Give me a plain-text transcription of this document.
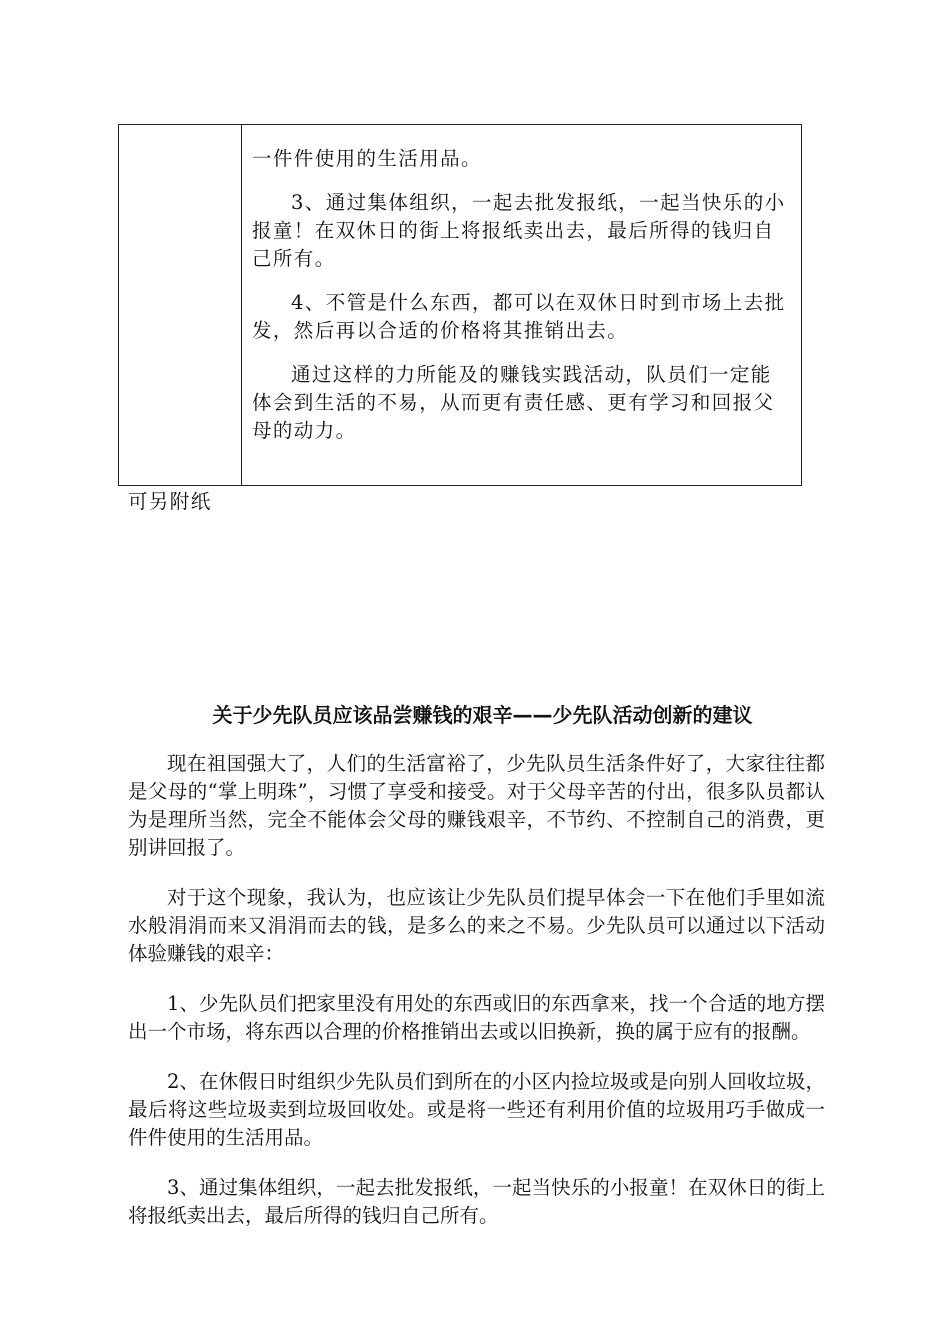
一件件使用的生活用品。

3、通过集体组织，一起去批发报纸，一起当快乐的小报童！在双休日的街上将报纸卖出去，最后所得的钱归自己所有。

4、不管是什么东西，都可以在双休日时到市场上去批发，然后再以合适的价格将其推销出去。

通过这样的力所能及的赚钱实践活动，队员们一定能体会到生活的不易，从而更有责任感、更有学习和回报父母的动力。

可另附纸
关于少先队员应该品尝赚钱的艰辛——少先队活动创新的建议

现在祖国强大了，人们的生活富裕了，少先队员生活条件好了，大家往往都是父母的“掌上明珠”，习惯了享受和接受。对于父母辛苦的付出，很多队员都认为是理所当然，完全不能体会父母的赚钱艰辛，不节约、不控制自己的消费，更别讲回报了。

对于这个现象，我认为，也应该让少先队员们提早体会一下在他们手里如流水般涓涓而来又涓涓而去的钱，是多么的来之不易。少先队员可以通过以下活动体验赚钱的艰辛：

1、少先队员们把家里没有用处的东西或旧的东西拿来，找一个合适的地方摆出一个市场，将东西以合理的价格推销出去或以旧换新，换的属于应有的报酬。

2、在休假日时组织少先队员们到所在的小区内捡垃圾或是向别人回收垃圾，最后将这些垃圾卖到垃圾回收处。或是将一些还有利用价值的垃圾用巧手做成一件件使用的生活用品。

3、通过集体组织，一起去批发报纸，一起当快乐的小报童！在双休日的街上将报纸卖出去，最后所得的钱归自己所有。
